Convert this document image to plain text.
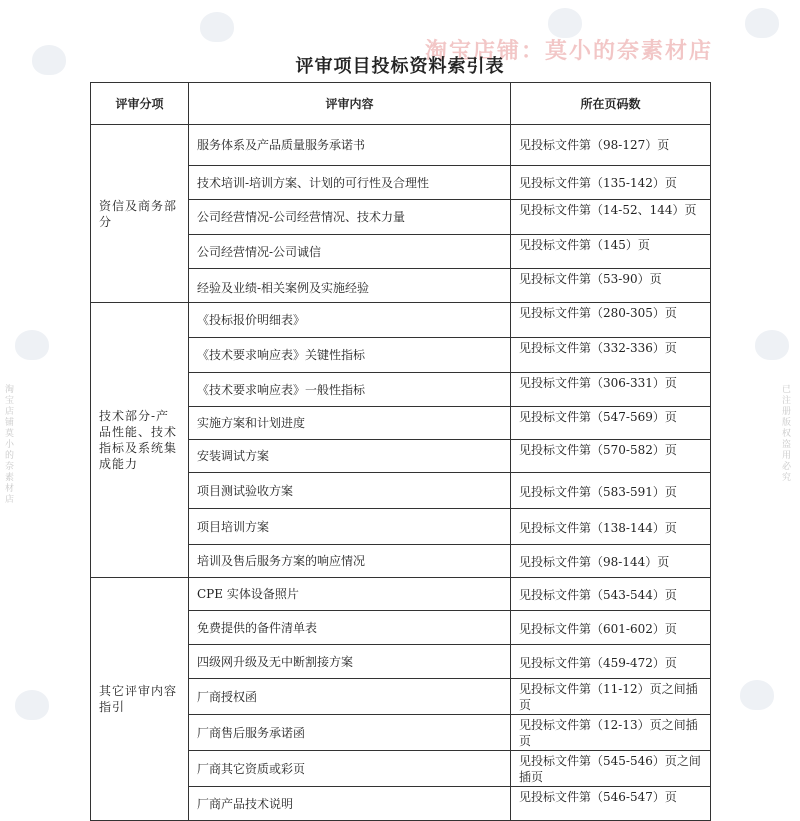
淘宝店铺：莫小的奈素材店
淘宝店铺莫小的奈素材店
已注册版权盗用必究
评审项目投标资料索引表
评审分项	评审内容	所在页码数
资信及商务部分	服务体系及产品质量服务承诺书	见投标文件第（98-127）页
	技术培训-培训方案、计划的可行性及合理性	见投标文件第（135-142）页
	公司经营情况-公司经营情况、技术力量	见投标文件第（14-52、144）页
	公司经营情况-公司诚信	见投标文件第（145）页
	经验及业绩-相关案例及实施经验	见投标文件第（53-90）页
技术部分-产品性能、技术指标及系统集成能力	《投标报价明细表》	见投标文件第（280-305）页
	《技术要求响应表》关键性指标	见投标文件第（332-336）页
	《技术要求响应表》一般性指标	见投标文件第（306-331）页
	实施方案和计划进度	见投标文件第（547-569）页
	安装调试方案	见投标文件第（570-582）页
	项目测试验收方案	见投标文件第（583-591）页
	项目培训方案	见投标文件第（138-144）页
	培训及售后服务方案的响应情况	见投标文件第（98-144）页
其它评审内容指引	CPE 实体设备照片	见投标文件第（543-544）页
	免费提供的备件清单表	见投标文件第（601-602）页
	四级网升级及无中断割接方案	见投标文件第（459-472）页
	厂商授权函	见投标文件第（11-12）页之间插页
	厂商售后服务承诺函	见投标文件第（12-13）页之间插页
	厂商其它资质或彩页	见投标文件第（545-546）页之间插页
	厂商产品技术说明	见投标文件第（546-547）页
